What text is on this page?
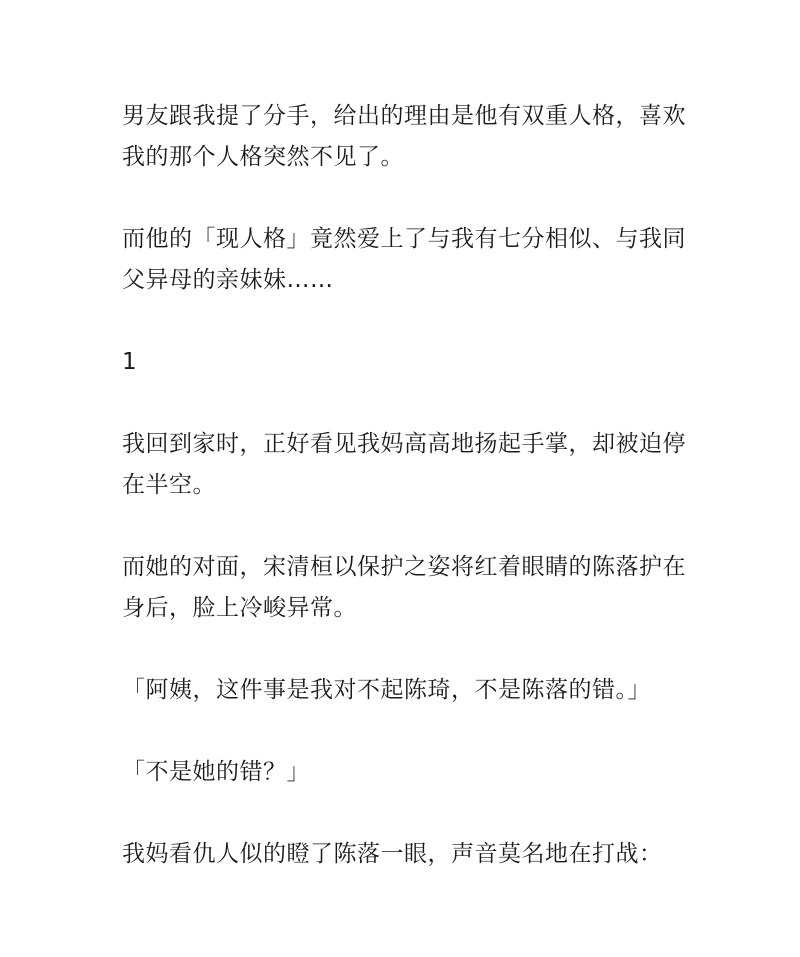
男友跟我提了分手，给出的理由是他有双重人格，喜欢我的那个人格突然不见了。

而他的「现人格」竟然爱上了与我有七分相似、与我同父异母的亲妹妹……

1

我回到家时，正好看见我妈高高地扬起手掌，却被迫停在半空。

而她的对面，宋清桓以保护之姿将红着眼睛的陈落护在身后，脸上冷峻异常。

「阿姨，这件事是我对不起陈琦，不是陈落的错。」

「不是她的错？」

我妈看仇人似的瞪了陈落一眼，声音莫名地在打战：
